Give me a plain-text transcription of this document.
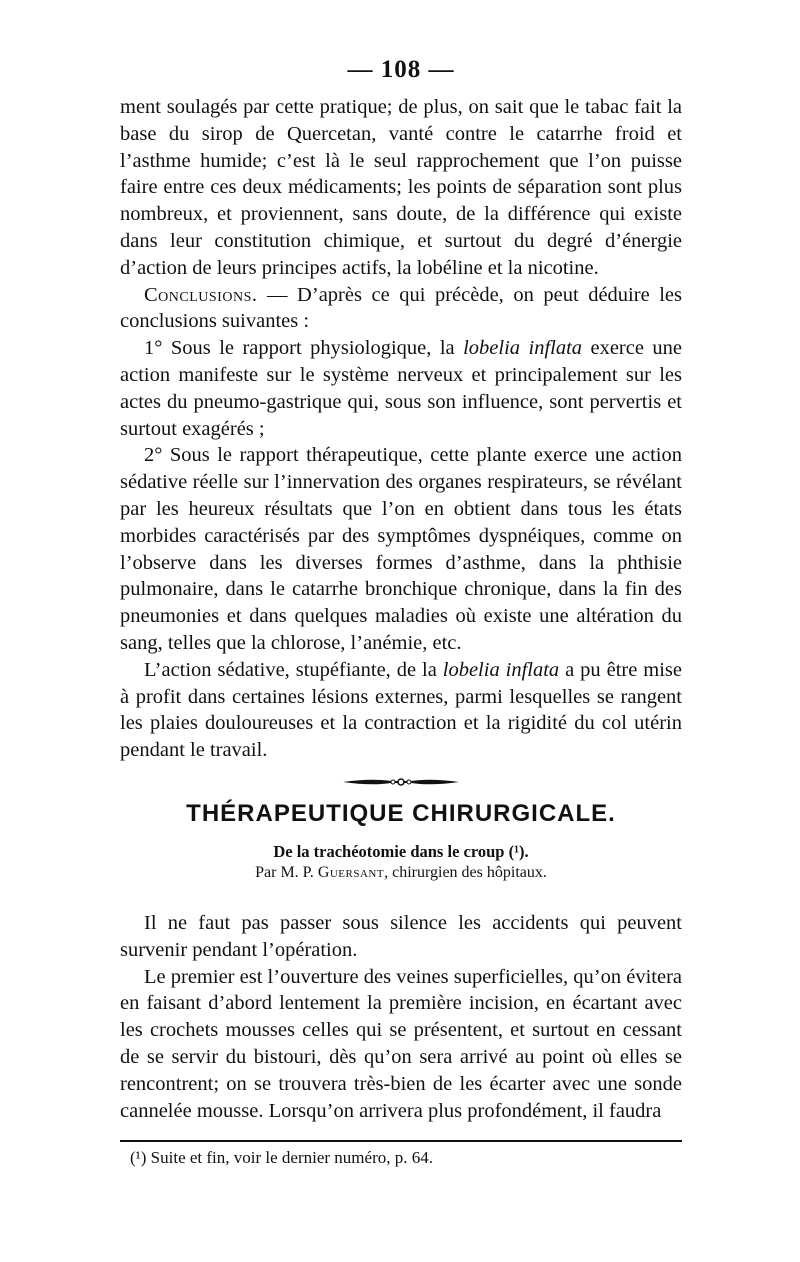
— 108 —

ment soulagés par cette pratique; de plus, on sait que le tabac fait la base du sirop de Quercetan, vanté contre le catarrhe froid et l’asthme humide; c’est là le seul rapprochement que l’on puisse faire entre ces deux médicaments; les points de séparation sont plus nombreux, et proviennent, sans doute, de la différence qui existe dans leur constitution chimique, et surtout du degré d’énergie d’action de leurs principes actifs, la lobéline et la nicotine.

Conclusions. — D’après ce qui précède, on peut déduire les conclusions suivantes :

1° Sous le rapport physiologique, la lobelia inflata exerce une action manifeste sur le système nerveux et principalement sur les actes du pneumo-gastrique qui, sous son influence, sont pervertis et surtout exagérés ;

2° Sous le rapport thérapeutique, cette plante exerce une action sédative réelle sur l’innervation des organes respirateurs, se révélant par les heureux résultats que l’on en obtient dans tous les états morbides caractérisés par des symptômes dyspnéiques, comme on l’observe dans les diverses formes d’asthme, dans la phthisie pulmonaire, dans le catarrhe bronchique chronique, dans la fin des pneumonies et dans quelques maladies où existe une altération du sang, telles que la chlorose, l’anémie, etc.

L’action sédative, stupéfiante, de la lobelia inflata a pu être mise à profit dans certaines lésions externes, parmi lesquelles se rangent les plaies douloureuses et la contraction et la rigidité du col utérin pendant le travail.

THÉRAPEUTIQUE CHIRURGICALE.
De la trachéotomie dans le croup (¹).
Par M. P. Guersant, chirurgien des hôpitaux.

Il ne faut pas passer sous silence les accidents qui peuvent survenir pendant l’opération.

Le premier est l’ouverture des veines superficielles, qu’on évitera en faisant d’abord lentement la première incision, en écartant avec les crochets mousses celles qui se présentent, et surtout en cessant de se servir du bistouri, dès qu’on sera arrivé au point où elles se rencontrent; on se trouvera très-bien de les écarter avec une sonde cannelée mousse. Lorsqu’on arrivera plus profondément, il faudra

(¹) Suite et fin, voir le dernier numéro, p. 64.
